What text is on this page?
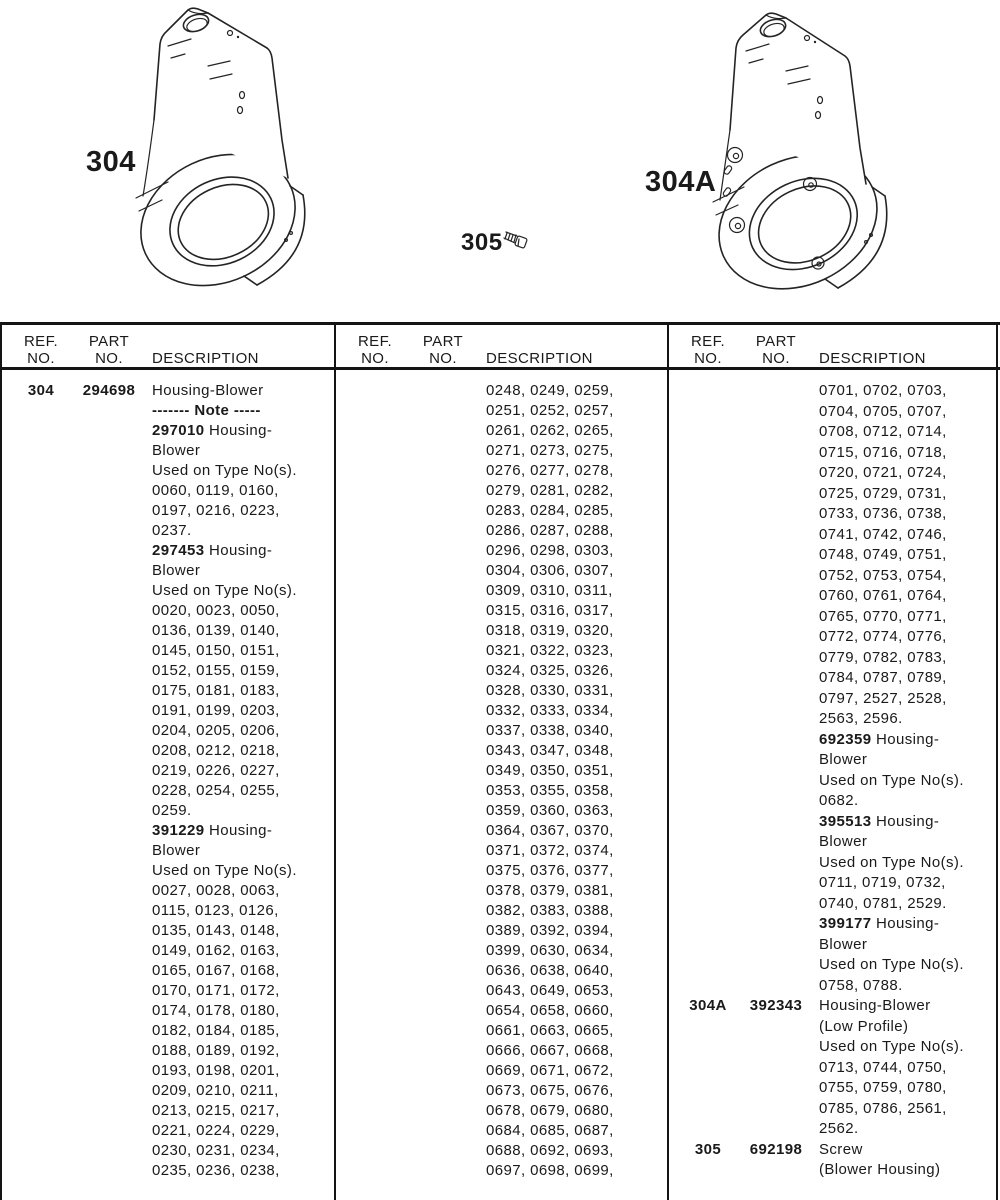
304
305
304A
REF.
NO.
PART
NO.	DESCRIPTION
304	294698	Housing-Blower
------- Note -----
297010 Housing-
Blower
Used on Type No(s).
0060, 0119, 0160,
0197, 0216, 0223,
0237.
297453 Housing-
Blower
Used on Type No(s).
0020, 0023, 0050,
0136, 0139, 0140,
0145, 0150, 0151,
0152, 0155, 0159,
0175, 0181, 0183,
0191, 0199, 0203,
0204, 0205, 0206,
0208, 0212, 0218,
0219, 0226, 0227,
0228, 0254, 0255,
0259.
391229 Housing-
Blower
Used on Type No(s).
0027, 0028, 0063,
0115, 0123, 0126,
0135, 0143, 0148,
0149, 0162, 0163,
0165, 0167, 0168,
0170, 0171, 0172,
0174, 0178, 0180,
0182, 0184, 0185,
0188, 0189, 0192,
0193, 0198, 0201,
0209, 0210, 0211,
0213, 0215, 0217,
0221, 0224, 0229,
0230, 0231, 0234,
0235, 0236, 0238,
REF.
NO.
PART
NO.	DESCRIPTION
0248, 0249, 0259,
0251, 0252, 0257,
0261, 0262, 0265,
0271, 0273, 0275,
0276, 0277, 0278,
0279, 0281, 0282,
0283, 0284, 0285,
0286, 0287, 0288,
0296, 0298, 0303,
0304, 0306, 0307,
0309, 0310, 0311,
0315, 0316, 0317,
0318, 0319, 0320,
0321, 0322, 0323,
0324, 0325, 0326,
0328, 0330, 0331,
0332, 0333, 0334,
0337, 0338, 0340,
0343, 0347, 0348,
0349, 0350, 0351,
0353, 0355, 0358,
0359, 0360, 0363,
0364, 0367, 0370,
0371, 0372, 0374,
0375, 0376, 0377,
0378, 0379, 0381,
0382, 0383, 0388,
0389, 0392, 0394,
0399, 0630, 0634,
0636, 0638, 0640,
0643, 0649, 0653,
0654, 0658, 0660,
0661, 0663, 0665,
0666, 0667, 0668,
0669, 0671, 0672,
0673, 0675, 0676,
0678, 0679, 0680,
0684, 0685, 0687,
0688, 0692, 0693,
0697, 0698, 0699,
REF.
NO.
PART
NO.	DESCRIPTION
0701, 0702, 0703,
0704, 0705, 0707,
0708, 0712, 0714,
0715, 0716, 0718,
0720, 0721, 0724,
0725, 0729, 0731,
0733, 0736, 0738,
0741, 0742, 0746,
0748, 0749, 0751,
0752, 0753, 0754,
0760, 0761, 0764,
0765, 0770, 0771,
0772, 0774, 0776,
0779, 0782, 0783,
0784, 0787, 0789,
0797, 2527, 2528,
2563, 2596.
692359 Housing-
Blower
Used on Type No(s).
0682.
395513 Housing-
Blower
Used on Type No(s).
0711, 0719, 0732,
0740, 0781, 2529.
399177 Housing-
Blower
Used on Type No(s).
0758, 0788.
304A	392343	Housing-Blower
(Low Profile)
Used on Type No(s).
0713, 0744, 0750,
0755, 0759, 0780,
0785, 0786, 2561,
2562.
305	692198	Screw
(Blower Housing)
